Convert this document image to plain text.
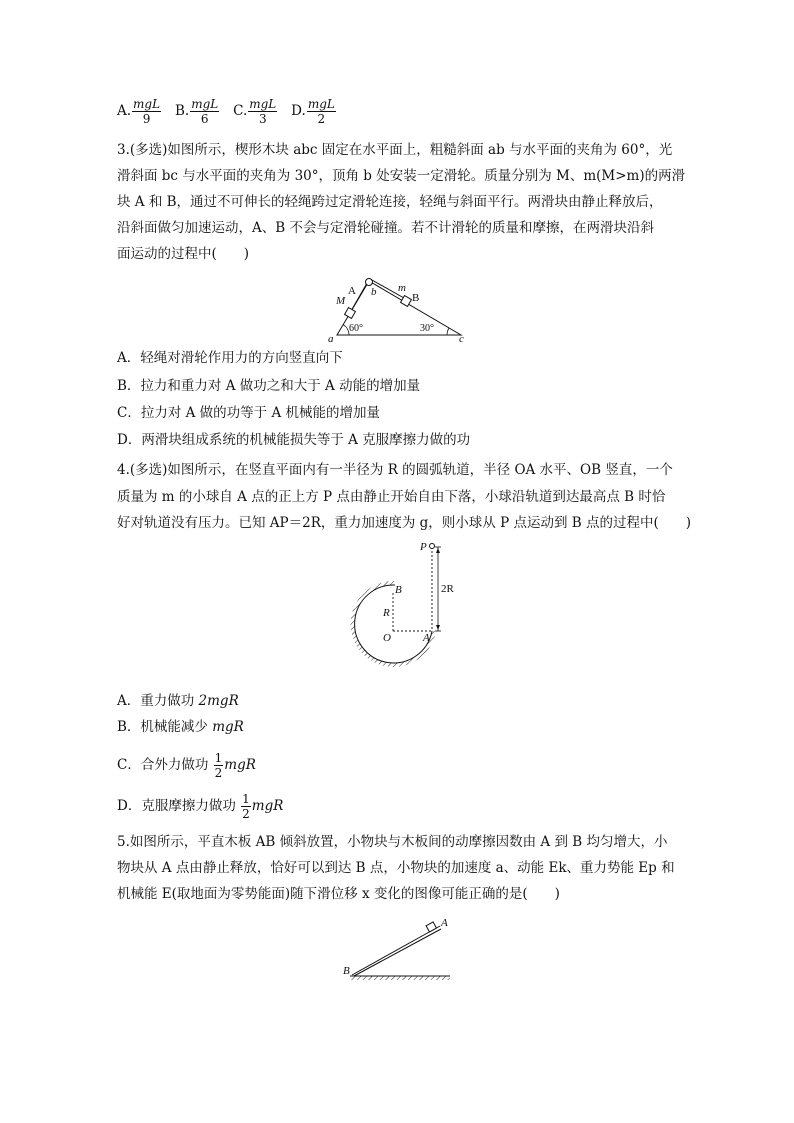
A. $\frac{\text{mgL}}{9} B$. $\frac{\text{mgL}}{6} C$. $\frac{\text{mgL}}{3} D$. $\frac{\text{mgL}}{2}$
3.(多选)如图所示，楔形木块 abc 固定在水平面上，粗糙斜面 ab 与水平面的夹角为 60°，光
滑斜面 bc 与水平面的夹角为 30°，顶角 b 处安装一定滑轮。质量分别为 M、m(M>m)的两滑
块 A 和 B，通过不可伸长的轻绳跨过定滑轮连接，轻绳与斜面平行。两滑块由静止释放后，
沿斜面做匀加速运动，A、B 不会与定滑轮碰撞。若不计滑轮的质量和摩擦，在两滑块沿斜
面运动的过程中(　　)
A
M
b m
B
a	c
60°	30°
A．轻绳对滑轮作用力的方向竖直向下
B．拉力和重力对 A 做功之和大于 A 动能的增加量
C．拉力对 A 做的功等于 A 机械能的增加量
D．两滑块组成系统的机械能损失等于 A 克服摩擦力做的功
4.(多选)如图所示，在竖直平面内有一半径为 R 的圆弧轨道，半径 OA 水平、OB 竖直，一个
质量为 m 的小球自 A 点的正上方 P 点由静止开始自由下落，小球沿轨道到达最高点 B 时恰
好对轨道没有压力。已知 AP＝2R，重力加速度为 g，则小球从 P 点运动到 B 点的过程中(　　)
P
2R
B
R
O	A
A．重力做功 2mgR
B．机械能减少 mgR
C．合外力做功 $\frac{1}{2}$ mgR
D．克服摩擦力做功 $\frac{1}{2}$ mgR
5.如图所示，平直木板 AB 倾斜放置，小物块与木板间的动摩擦因数由 A 到 B 均匀增大，小
物块从 A 点由静止释放，恰好可以到达 B 点，小物块的加速度 a、动能 Ek、重力势能 Ep 和
机械能 E(取地面为零势能面)随下滑位移 x 变化的图像可能正确的是(　　)
A
B
